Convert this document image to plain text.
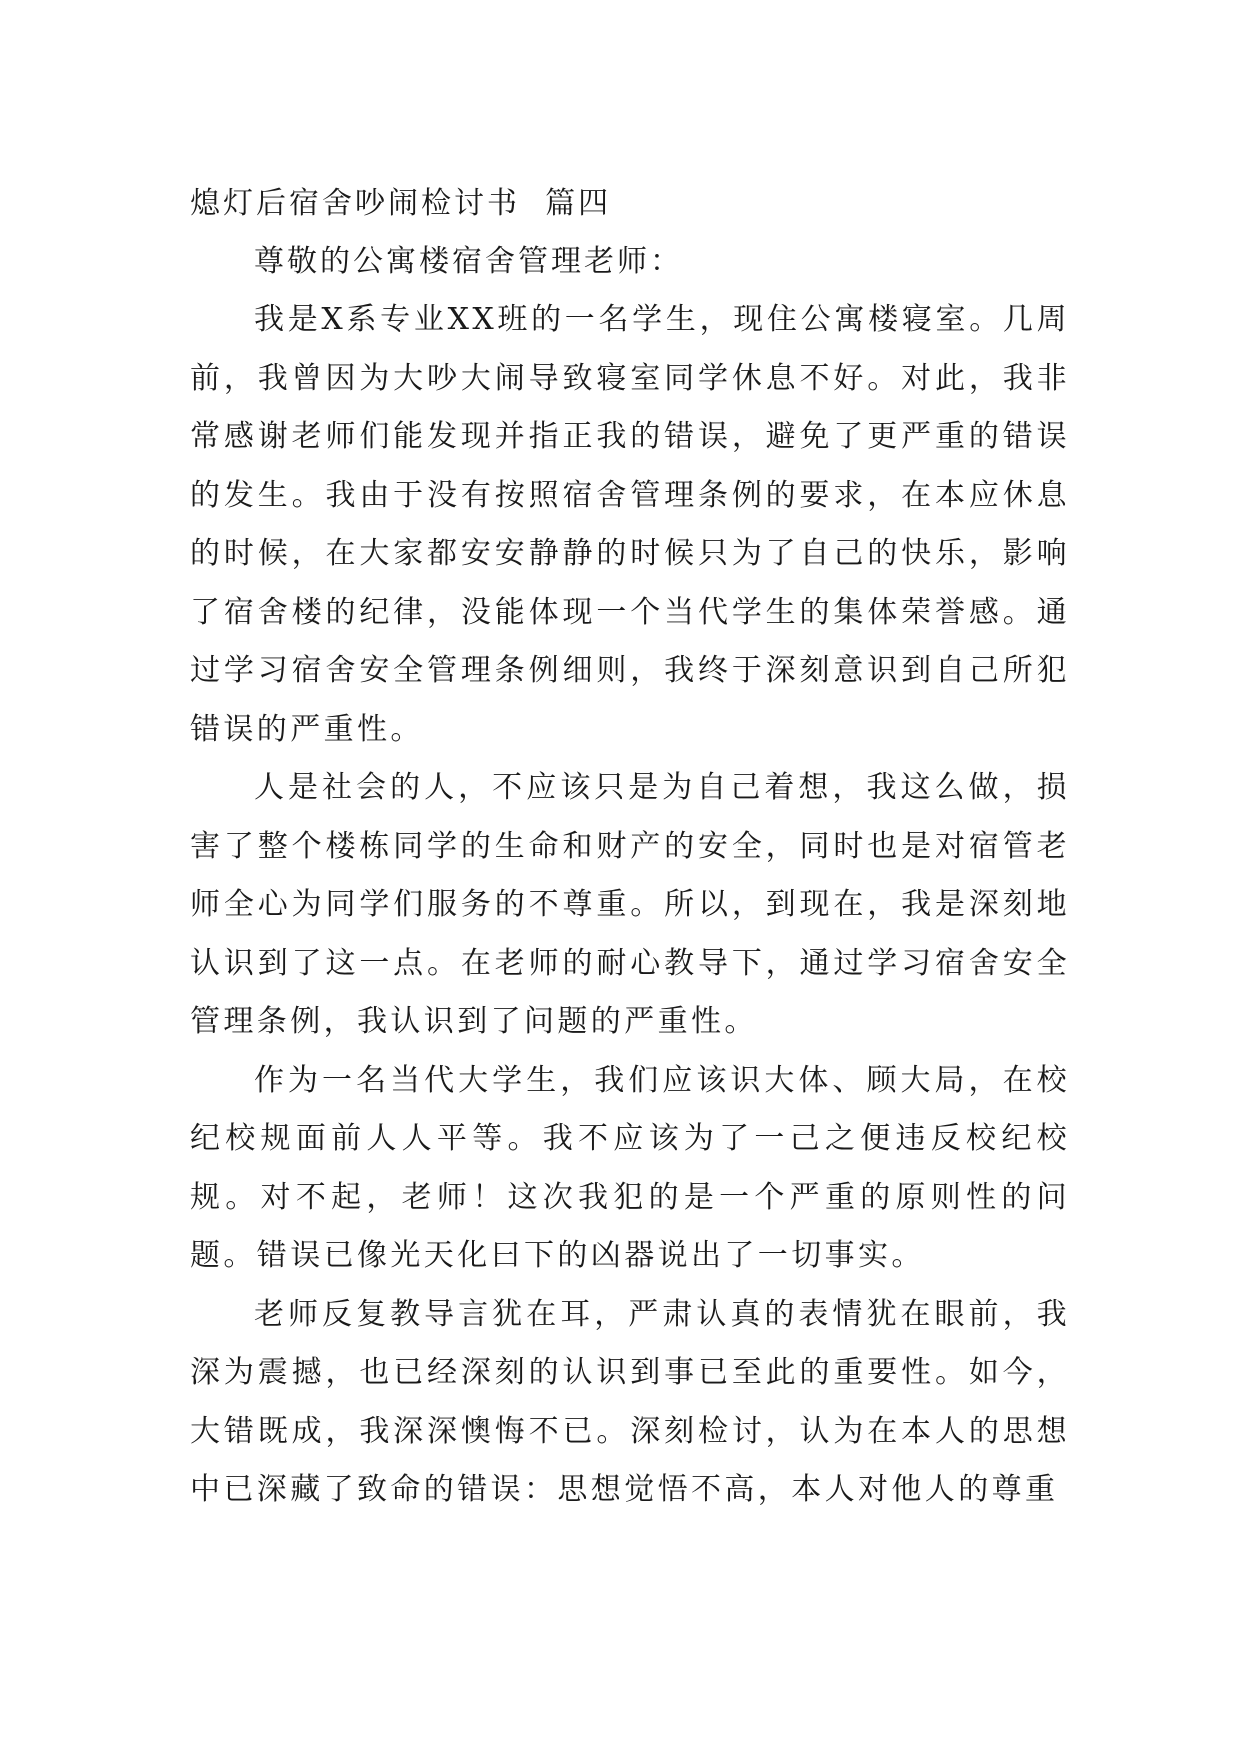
熄灯后宿舍吵闹检讨书  篇四

尊敬的公寓楼宿舍管理老师：

我是X系专业XX班的一名学生，现住公寓楼寝室。几周前，我曾因为大吵大闹导致寝室同学休息不好。对此，我非常感谢老师们能发现并指正我的错误，避免了更严重的错误的发生。我由于没有按照宿舍管理条例的要求，在本应休息的时候，在大家都安安静静的时候只为了自己的快乐，影响了宿舍楼的纪律，没能体现一个当代学生的集体荣誉感。通过学习宿舍安全管理条例细则，我终于深刻意识到自己所犯错误的严重性。

人是社会的人，不应该只是为自己着想，我这么做，损害了整个楼栋同学的生命和财产的安全，同时也是对宿管老师全心为同学们服务的不尊重。所以，到现在，我是深刻地认识到了这一点。在老师的耐心教导下，通过学习宿舍安全管理条例，我认识到了问题的严重性。

作为一名当代大学生，我们应该识大体、顾大局，在校纪校规面前人人平等。我不应该为了一己之便违反校纪校规。对不起，老师！这次我犯的是一个严重的原则性的问题。错误已像光天化曰下的凶器说出了一切事实。

老师反复教导言犹在耳，严肃认真的表情犹在眼前，我深为震撼，也已经深刻的认识到事已至此的重要性。如今，大错既成，我深深懊悔不已。深刻检讨，认为在本人的思想中已深藏了致命的错误：思想觉悟不高，本人对他人的尊重
